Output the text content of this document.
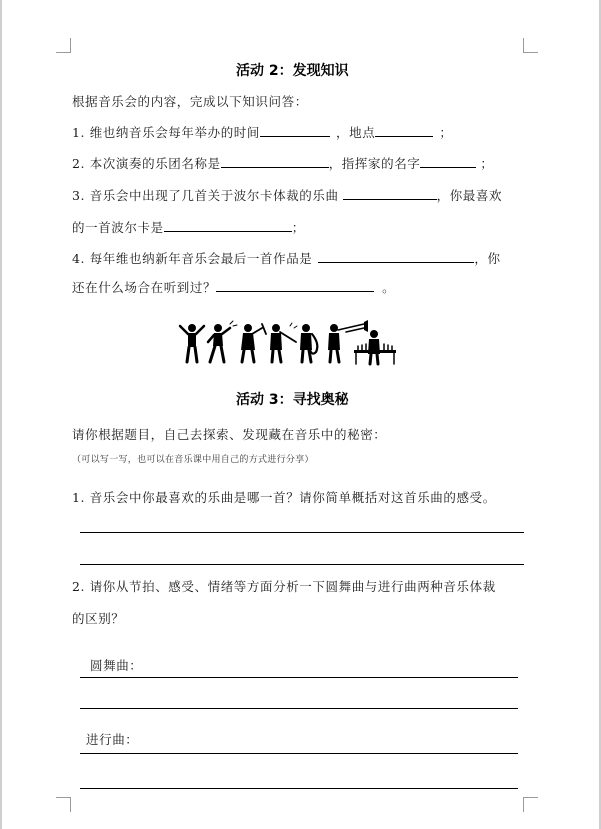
活动 2：发现知识
根据音乐会的内容，完成以下知识问答：
1. 维也纳音乐会每年举办的时间	，地点	；
2. 本次演奏的乐团名称是	，指挥家的名字	；
3. 音乐会中出现了几首关于波尔卡体裁的乐曲	，你最喜欢
的一首波尔卡是	；
4. 每年维也纳新年音乐会最后一首作品是	，你
还在什么场合在听到过？	。
活动 3：寻找奥秘
请你根据题目，自己去探索、发现藏在音乐中的秘密：
（可以写一写，也可以在音乐课中用自己的方式进行分享）
1. 音乐会中你最喜欢的乐曲是哪一首？请你简单概括对这首乐曲的感受。
2. 请你从节拍、感受、情绪等方面分析一下圆舞曲与进行曲两种音乐体裁
的区别？
圆舞曲：
进行曲：
